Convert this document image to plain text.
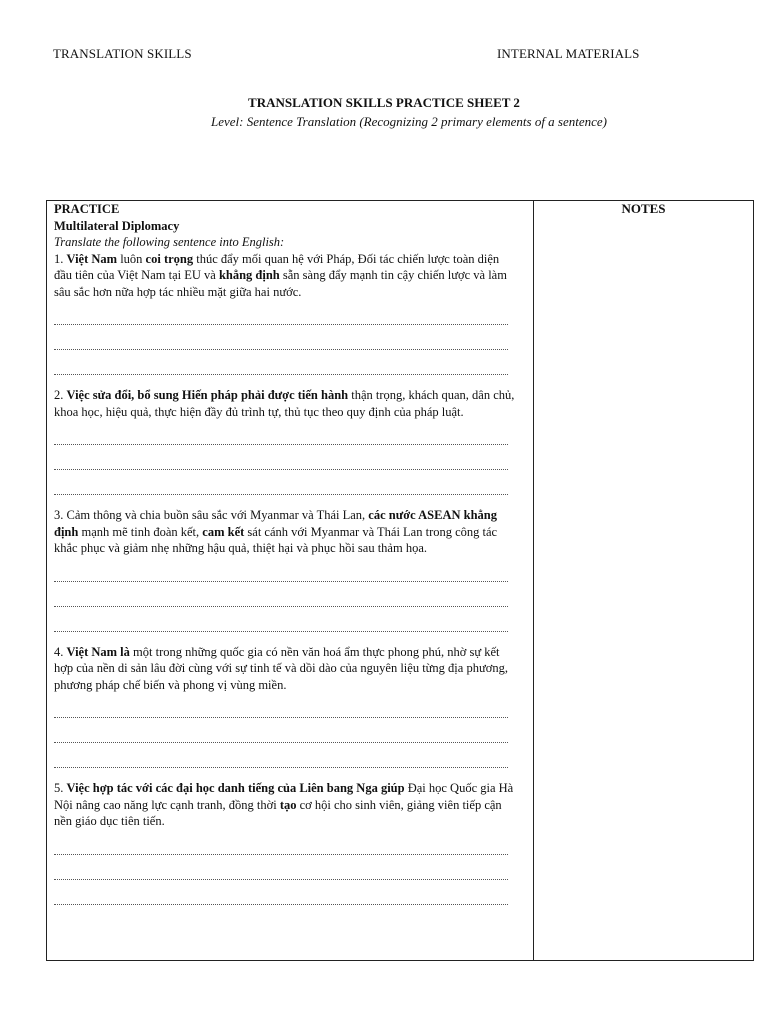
TRANSLATION SKILLS	INTERNAL MATERIALS
TRANSLATION SKILLS PRACTICE SHEET 2
Level: Sentence Translation (Recognizing 2 primary elements of a sentence)
PRACTICE
Multilateral Diplomacy
Translate the following sentence into English:

1. Việt Nam luôn coi trọng thúc đẩy mối quan hệ với Pháp, Đối tác chiến lược toàn diện đầu tiên của Việt Nam tại EU và khẳng định sẵn sàng đẩy mạnh tin cậy chiến lược và làm sâu sắc hơn nữa hợp tác nhiều mặt giữa hai nước.

2. Việc sửa đổi, bổ sung Hiến pháp phải được tiến hành thận trọng, khách quan, dân chủ, khoa học, hiệu quả, thực hiện đầy đủ trình tự, thủ tục theo quy định của pháp luật.

3. Cảm thông và chia buồn sâu sắc với Myanmar và Thái Lan, các nước ASEAN khẳng định mạnh mẽ tinh đoàn kết, cam kết sát cánh với Myanmar và Thái Lan trong công tác khắc phục và giảm nhẹ những hậu quả, thiệt hại và phục hồi sau thảm họa.

4. Việt Nam là một trong những quốc gia có nền văn hoá ẩm thực phong phú, nhờ sự kết hợp của nền di sản lâu đời cùng với sự tinh tế và dồi dào của nguyên liệu từng địa phương, phương pháp chế biến và phong vị vùng miền.

5. Việc hợp tác với các đại học danh tiếng của Liên bang Nga giúp Đại học Quốc gia Hà Nội nâng cao năng lực cạnh tranh, đồng thời tạo cơ hội cho sinh viên, giảng viên tiếp cận nền giáo dục tiên tiến.

NOTES
